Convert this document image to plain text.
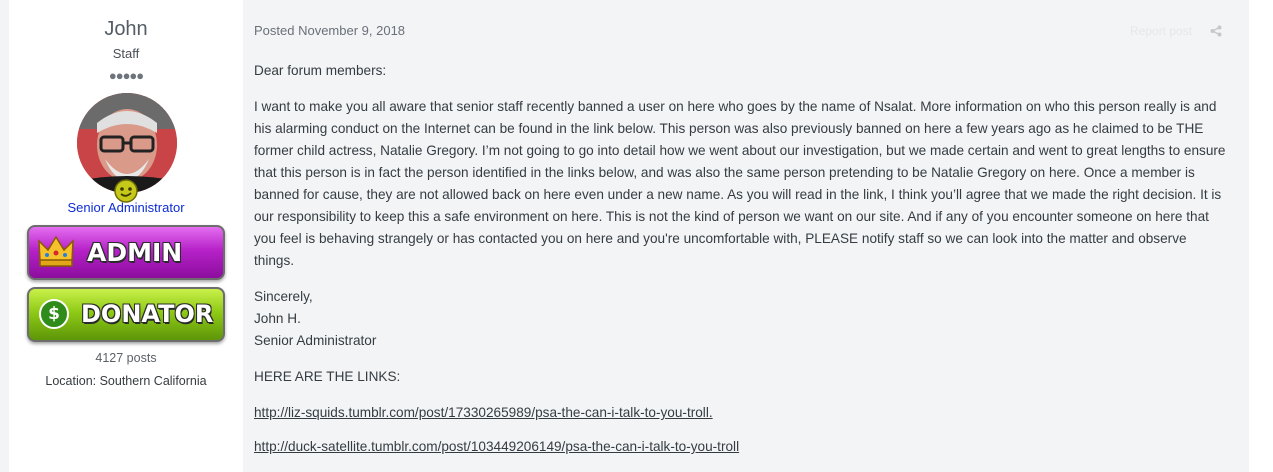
John
Staff
●●●●●
Senior Administrator
ADMIN
$ DONATOR
4127 posts
Location: Southern California
Posted November 9, 2018	Report post

Dear forum members:

I want to make you all aware that senior staff recently banned a user on here who goes by the name of Nsalat. More information on who this person really is and his alarming conduct on the Internet can be found in the link below. This person was also previously banned on here a few years ago as he claimed to be THE former child actress, Natalie Gregory. I’m not going to go into detail how we went about our investigation, but we made certain and went to great lengths to ensure that this person is in fact the person identified in the links below, and was also the same person pretending to be Natalie Gregory on here. Once a member is banned for cause, they are not allowed back on here even under a new name. As you will read in the link, I think you’ll agree that we made the right decision. It is our responsibility to keep this a safe environment on here. This is not the kind of person we want on our site. And if any of you encounter someone on here that you feel is behaving strangely or has contacted you on here and you're uncomfortable with, PLEASE notify staff so we can look into the matter and observe things.

Sincerely,
John H.
Senior Administrator

HERE ARE THE LINKS:

http://liz-squids.tumblr.com/post/17330265989/psa-the-can-i-talk-to-you-troll.

http://duck-satellite.tumblr.com/post/103449206149/psa-the-can-i-talk-to-you-troll
